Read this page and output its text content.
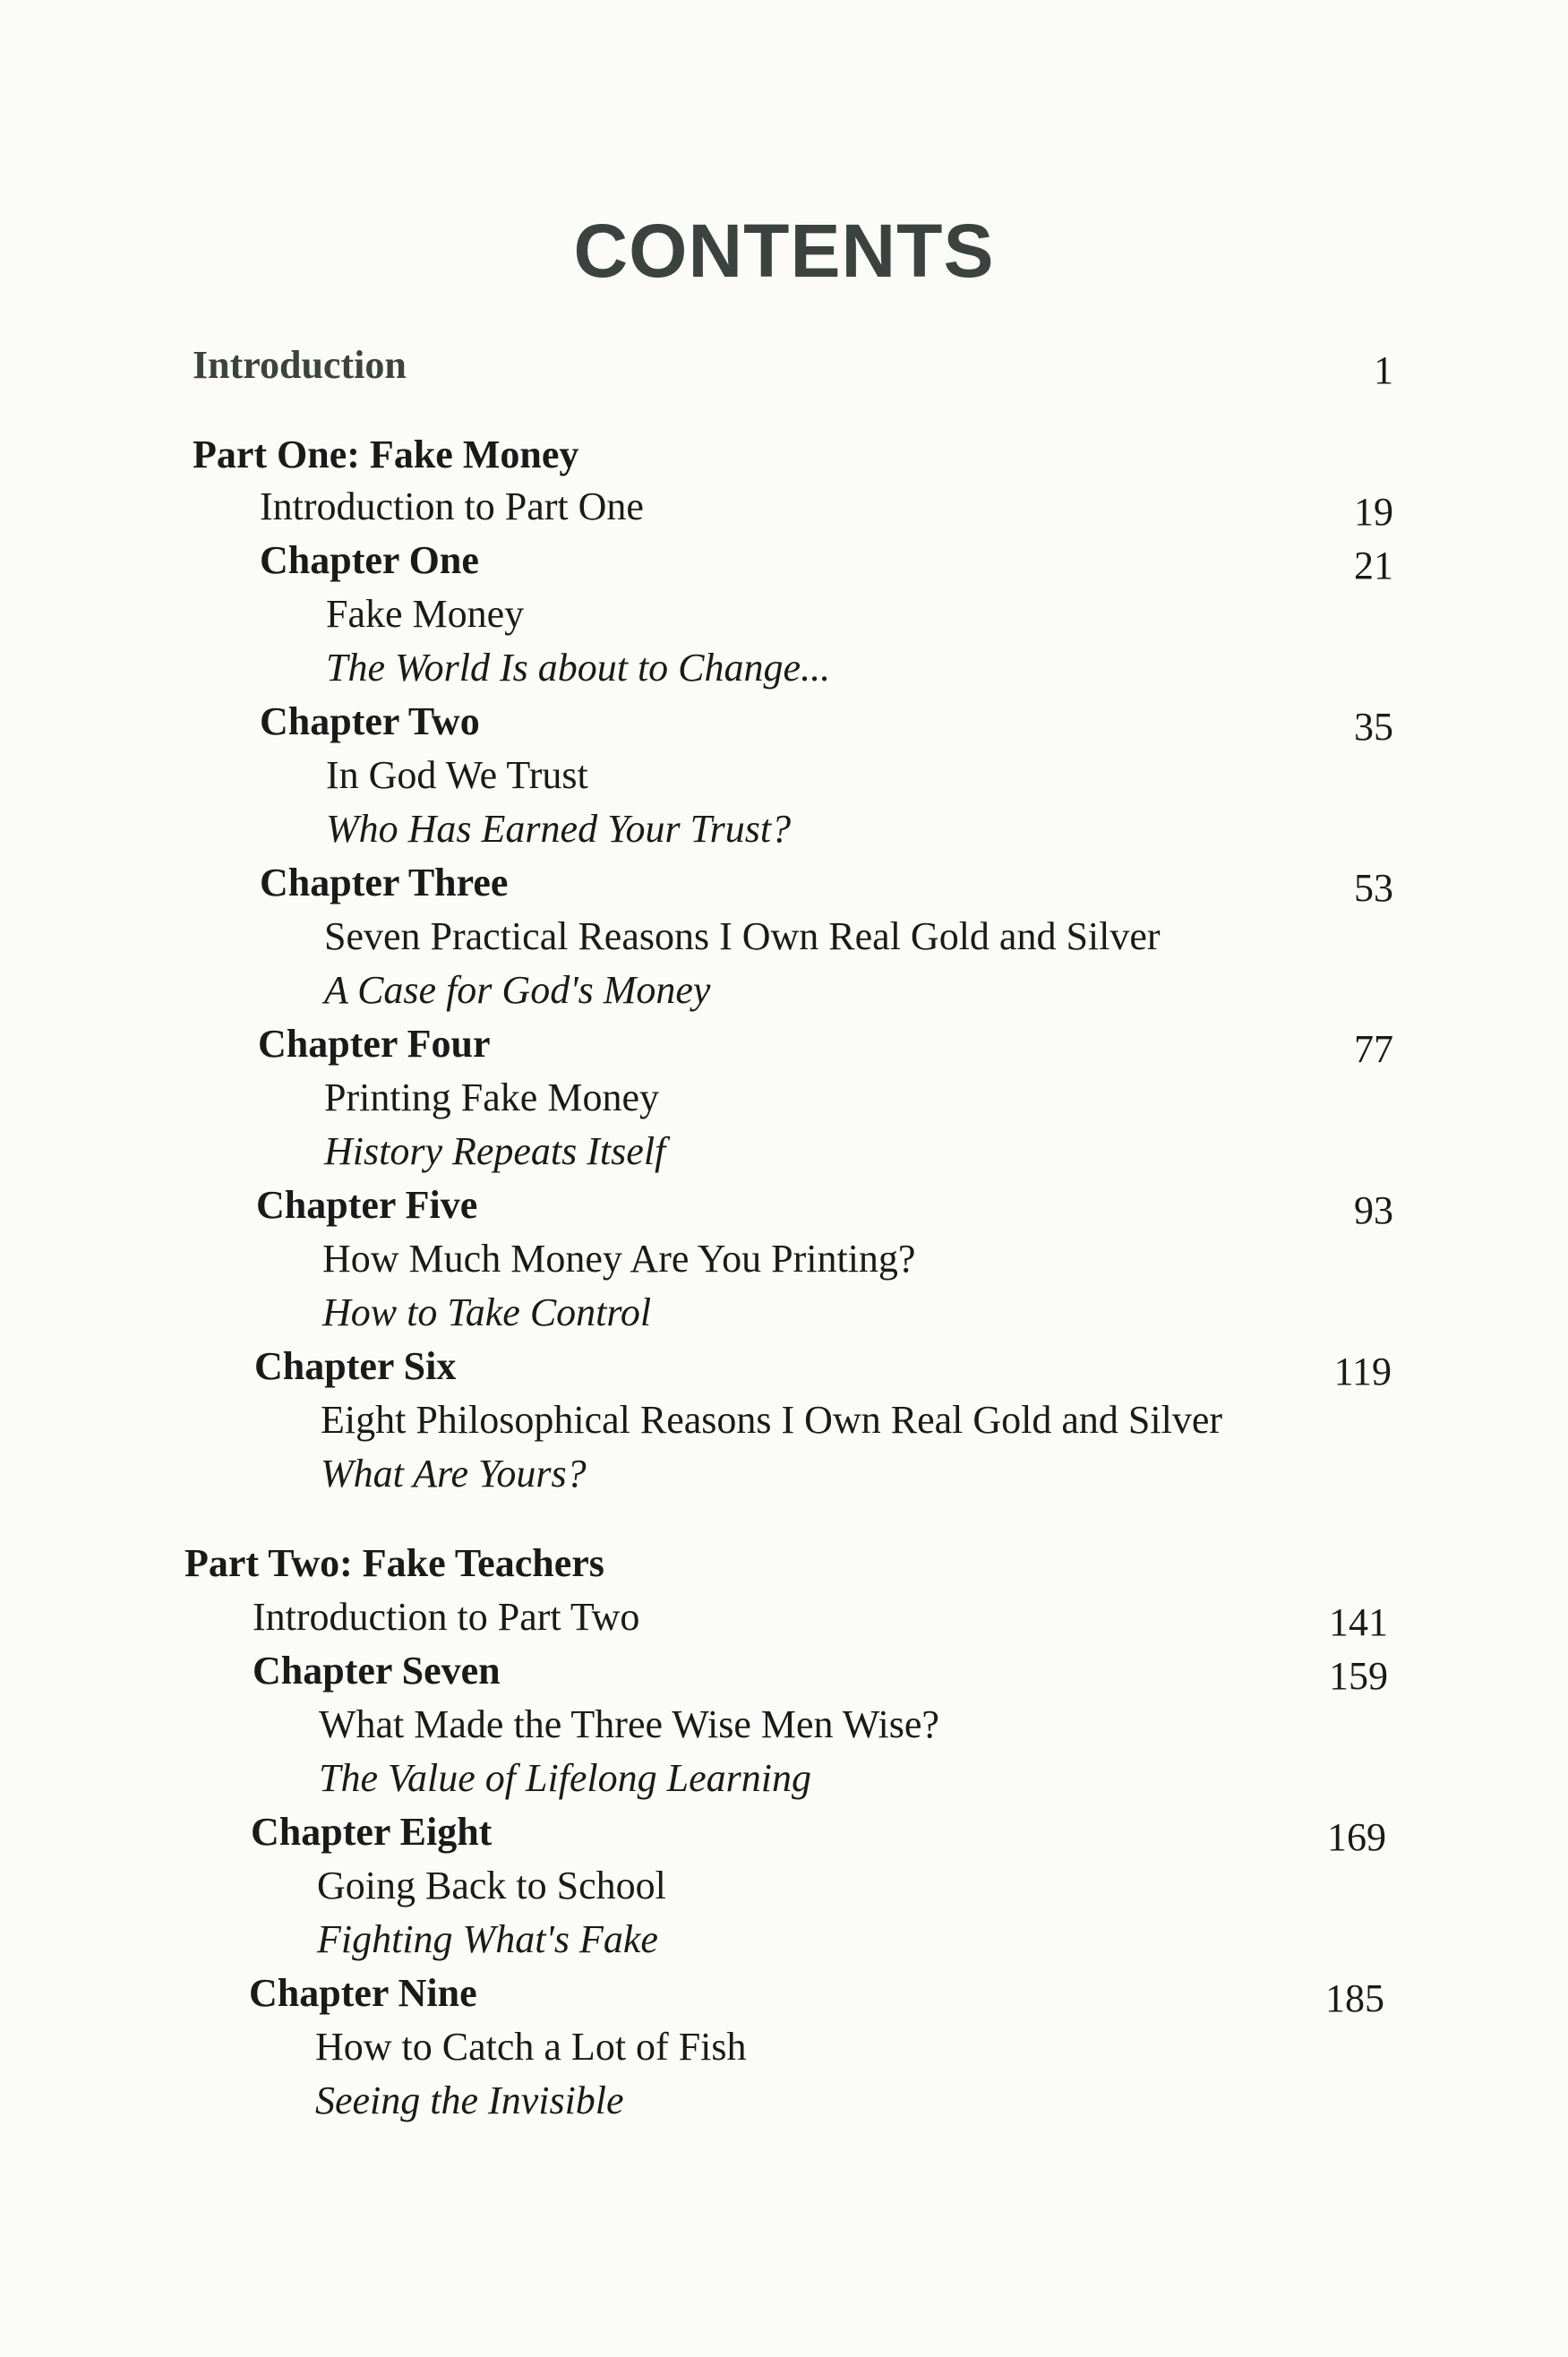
CONTENTS
Introduction	1
Part One: Fake Money
Introduction to Part One	19
Chapter One	21
Fake Money
The World Is about to Change...
Chapter Two	35
In God We Trust
Who Has Earned Your Trust?
Chapter Three	53
Seven Practical Reasons I Own Real Gold and Silver
A Case for God's Money
Chapter Four	77
Printing Fake Money
History Repeats Itself
Chapter Five	93
How Much Money Are You Printing?
How to Take Control
Chapter Six	119
Eight Philosophical Reasons I Own Real Gold and Silver
What Are Yours?
Part Two: Fake Teachers
Introduction to Part Two	141
Chapter Seven	159
What Made the Three Wise Men Wise?
The Value of Lifelong Learning
Chapter Eight	169
Going Back to School
Fighting What's Fake
Chapter Nine	185
How to Catch a Lot of Fish
Seeing the Invisible
